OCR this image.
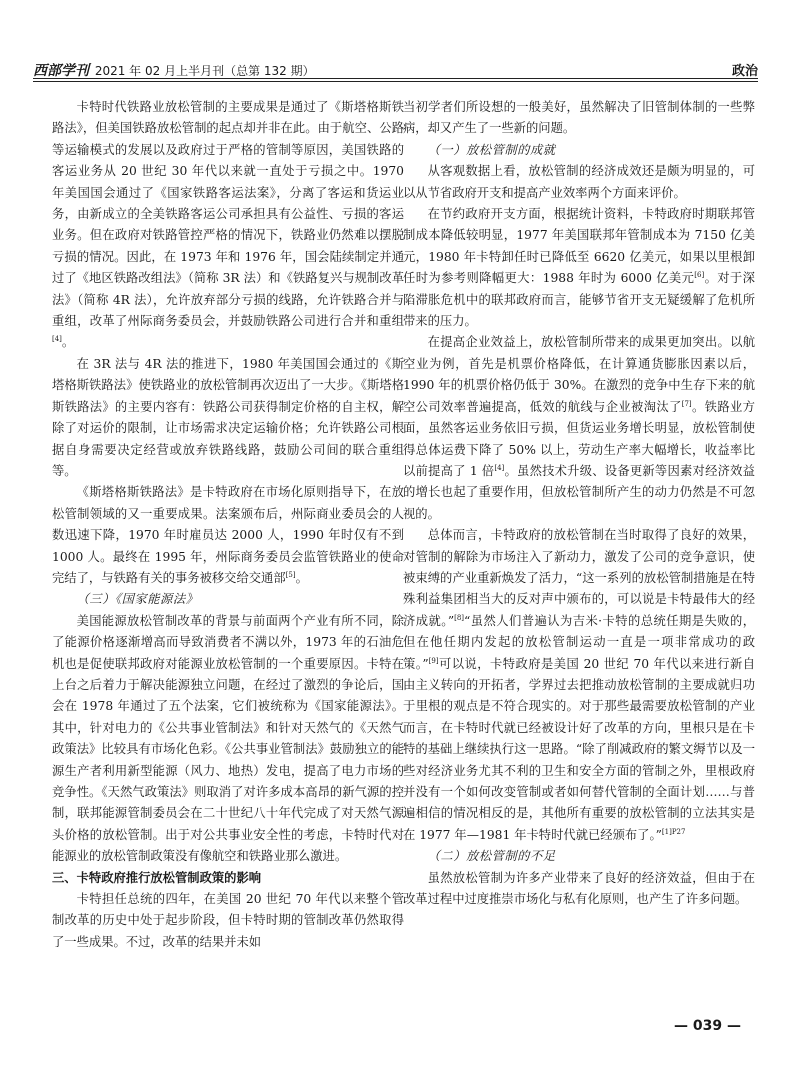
西部学刊 2021 年 02 月上半月刊（总第 132 期）	政治

卡特时代铁路业放松管制的主要成果是通过了《斯塔格斯铁路法》，但美国铁路放松管制的起点却并非在此。由于航空、公路等运输模式的发展以及政府过于严格的管制等原因，美国铁路的客运业务从 20 世纪 30 年代以来就一直处于亏损之中。1970 年美国国会通过了《国家铁路客运法案》，分离了客运和货运业务，由新成立的全美铁路客运公司承担具有公益性、亏损的客运业务。但在政府对铁路管控严格的情况下，铁路业仍然难以摆脱亏损的情况。因此，在 1973 年和 1976 年，国会陆续制定并通过了《地区铁路改组法》（简称 3R 法）和《铁路复兴与规制改革法》（简称 4R 法），允许放弃部分亏损的线路，允许铁路合并与重组，改革了州际商务委员会，并鼓励铁路公司进行合并和重组[4]。

在 3R 法与 4R 法的推进下，1980 年美国国会通过的《斯塔格斯铁路法》使铁路业的放松管制再次迈出了一大步。《斯塔格斯铁路法》的主要内容有：铁路公司获得制定价格的自主权，解除了对运价的限制，让市场需求决定运输价格；允许铁路公司根据自身需要决定经营或放弃铁路线路，鼓励公司间的联合重组等。

《斯塔格斯铁路法》是卡特政府在市场化原则指导下，在放松管制领域的又一重要成果。法案颁布后，州际商业委员会的人数迅速下降，1970 年时雇员达 2000 人，1990 年时仅有不到 1000 人。最终在 1995 年，州际商务委员会监管铁路业的使命完结了，与铁路有关的事务被移交给交通部[5]。

（三）《国家能源法》

美国能源放松管制改革的背景与前面两个产业有所不同，除了能源价格逐渐增高而导致消费者不满以外，1973 年的石油危机也是促使联邦政府对能源业放松管制的一个重要原因。卡特在上台之后着力于解决能源独立问题，在经过了激烈的争论后，国会在 1978 年通过了五个法案，它们被统称为《国家能源法》。其中，针对电力的《公共事业管制法》和针对天然气的《天然气政策法》比较具有市场化色彩。《公共事业管制法》鼓励独立的能源生产者利用新型能源（风力、地热）发电，提高了电力市场的竞争性。《天然气政策法》则取消了对许多成本高昂的新气源的控制，联邦能源管制委员会在二十世纪八十年代完成了对天然气源头价格的放松管制。出于对公共事业安全性的考虑，卡特时代对能源业的放松管制政策没有像航空和铁路业那么激进。

三、卡特政府推行放松管制政策的影响

卡特担任总统的四年，在美国 20 世纪 70 年代以来整个管制改革的历史中处于起步阶段，但卡特时期的管制改革仍然取得了一些成果。不过，改革的结果并未如

当初学者们所设想的一般美好，虽然解决了旧管制体制的一些弊病，却又产生了一些新的问题。

（一）放松管制的成就

从客观数据上看，放松管制的经济成效还是颇为明显的，可以从节省政府开支和提高产业效率两个方面来评价。

在节约政府开支方面，根据统计资料，卡特政府时期联邦管制成本降低较明显，1977 年美国联邦年管制成本为 7150 亿美元，1980 年卡特卸任时已降低至 6620 亿美元，如果以里根卸任时为参考则降幅更大：1988 年时为 6000 亿美元[6]。对于深陷滞胀危机中的联邦政府而言，能够节省开支无疑缓解了危机所带来的压力。

在提高企业效益上，放松管制所带来的成果更加突出。以航空业为例，首先是机票价格降低，在计算通货膨胀因素以后，1990 年的机票价格仍低于 30%。在激烈的竞争中生存下来的航空公司效率普遍提高，低效的航线与企业被淘汰了[7]。铁路业方面，虽然客运业务依旧亏损，但货运业务增长明显，放松管制使得总体运费下降了 50% 以上，劳动生产率大幅增长，收益率比以前提高了 1 倍[4]。虽然技术升级、设备更新等因素对经济效益的增长也起了重要作用，但放松管制所产生的动力仍然是不可忽视的。

总体而言，卡特政府的放松管制在当时取得了良好的效果，对管制的解除为市场注入了新动力，激发了公司的竞争意识，使被束缚的产业重新焕发了活力，“这一系列的放松管制措施是在特殊利益集团相当大的反对声中颁布的，可以说是卡特最伟大的经济成就。”[8]“虽然人们普遍认为吉米·卡特的总统任期是失败的，但在他任期内发起的放松管制运动一直是一项非常成功的政策。”[9]可以说，卡特政府是美国 20 世纪 70 年代以来进行新自由主义转向的开拓者，学界过去把推动放松管制的主要成就归功于里根的观点是不符合现实的。对于那些最需要放松管制的产业而言，在卡特时代就已经被设计好了改革的方向，里根只是在卡特的基础上继续执行这一思路。“除了削减政府的繁文缛节以及一些对经济业务尤其不利的卫生和安全方面的管制之外，里根政府并没有一个如何改变管制或者如何替代管制的全面计划……与普遍相信的情况相反的是，其他所有重要的放松管制的立法其实是在 1977 年—1981 年卡特时代就已经颁布了。”$^{[1]P27}$

（二）放松管制的不足

虽然放松管制为许多产业带来了良好的经济效益，但由于在改革过程中过度推崇市场化与私有化原则，也产生了许多问题。

— 039 —
